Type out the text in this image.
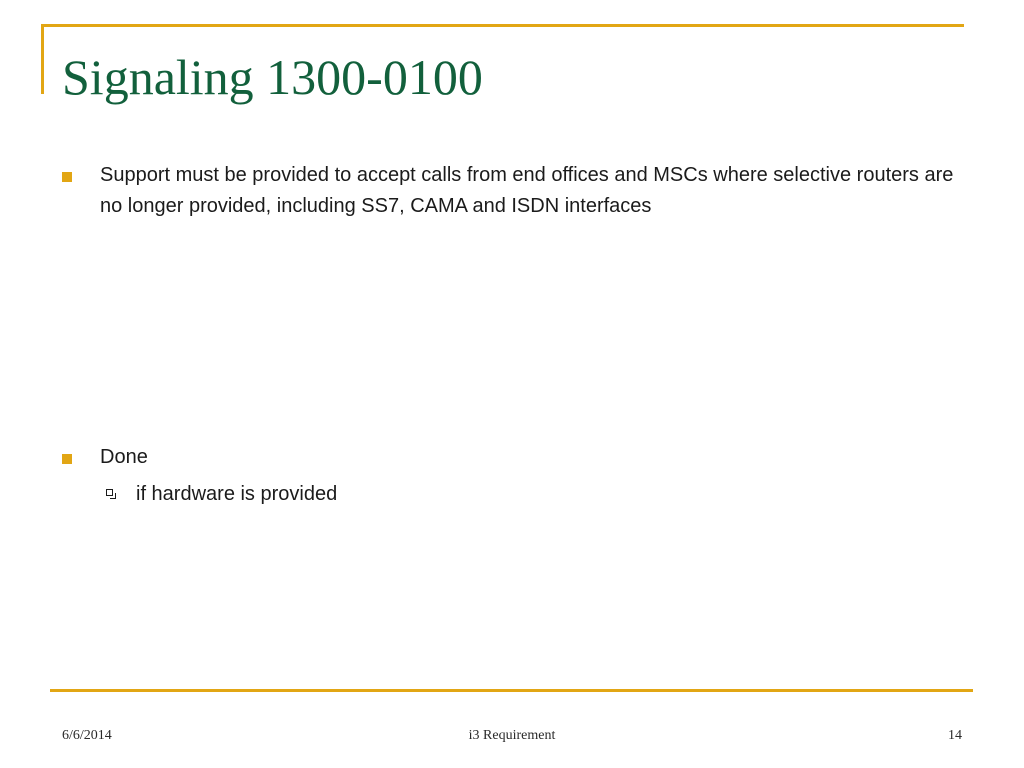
Signaling 1300-0100
Support must be provided to accept calls from end offices and MSCs where selective routers are no longer provided, including SS7, CAMA and ISDN interfaces
Done
if hardware is provided
6/6/2014	i3 Requirement	14
